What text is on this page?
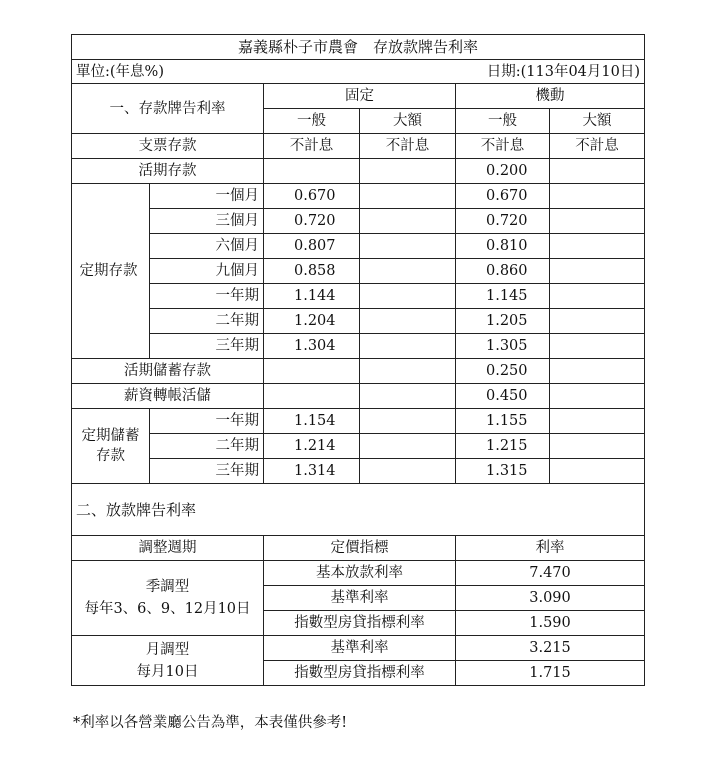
嘉義縣朴子市農會　存放款牌告利率					

單位:(年息%) 日期:(113年04月10日)					

一、存款牌告利率		固定		機動	
		一般	大額	一般	大額
支票存款		不計息	不計息	不計息	不計息
活期存款				0.200	
定期存款	一個月	0.670		0.670	
	三個月	0.720		0.720	
	六個月	0.807		0.810	
	九個月	0.858		0.860	
	一年期	1.144		1.145	
	二年期	1.204		1.205	
	三年期	1.304		1.305	
活期儲蓄存款				0.250	
薪資轉帳活儲				0.450	

定期儲蓄
存款	一年期	1.154		1.155	
	二年期	1.214		1.215	
	三年期	1.314		1.315	
二、放款牌告利率					
調整週期		定價指標		利率	

季調型
每年3、6、9、12月10日		基本放款利率		7.470	
		基準利率		3.090	
		指數型房貸指標利率		1.590	

月調型
每月10日		基準利率		3.215	
		指數型房貸指標利率		1.715	
*利率以各營業廳公告為準，本表僅供參考!
